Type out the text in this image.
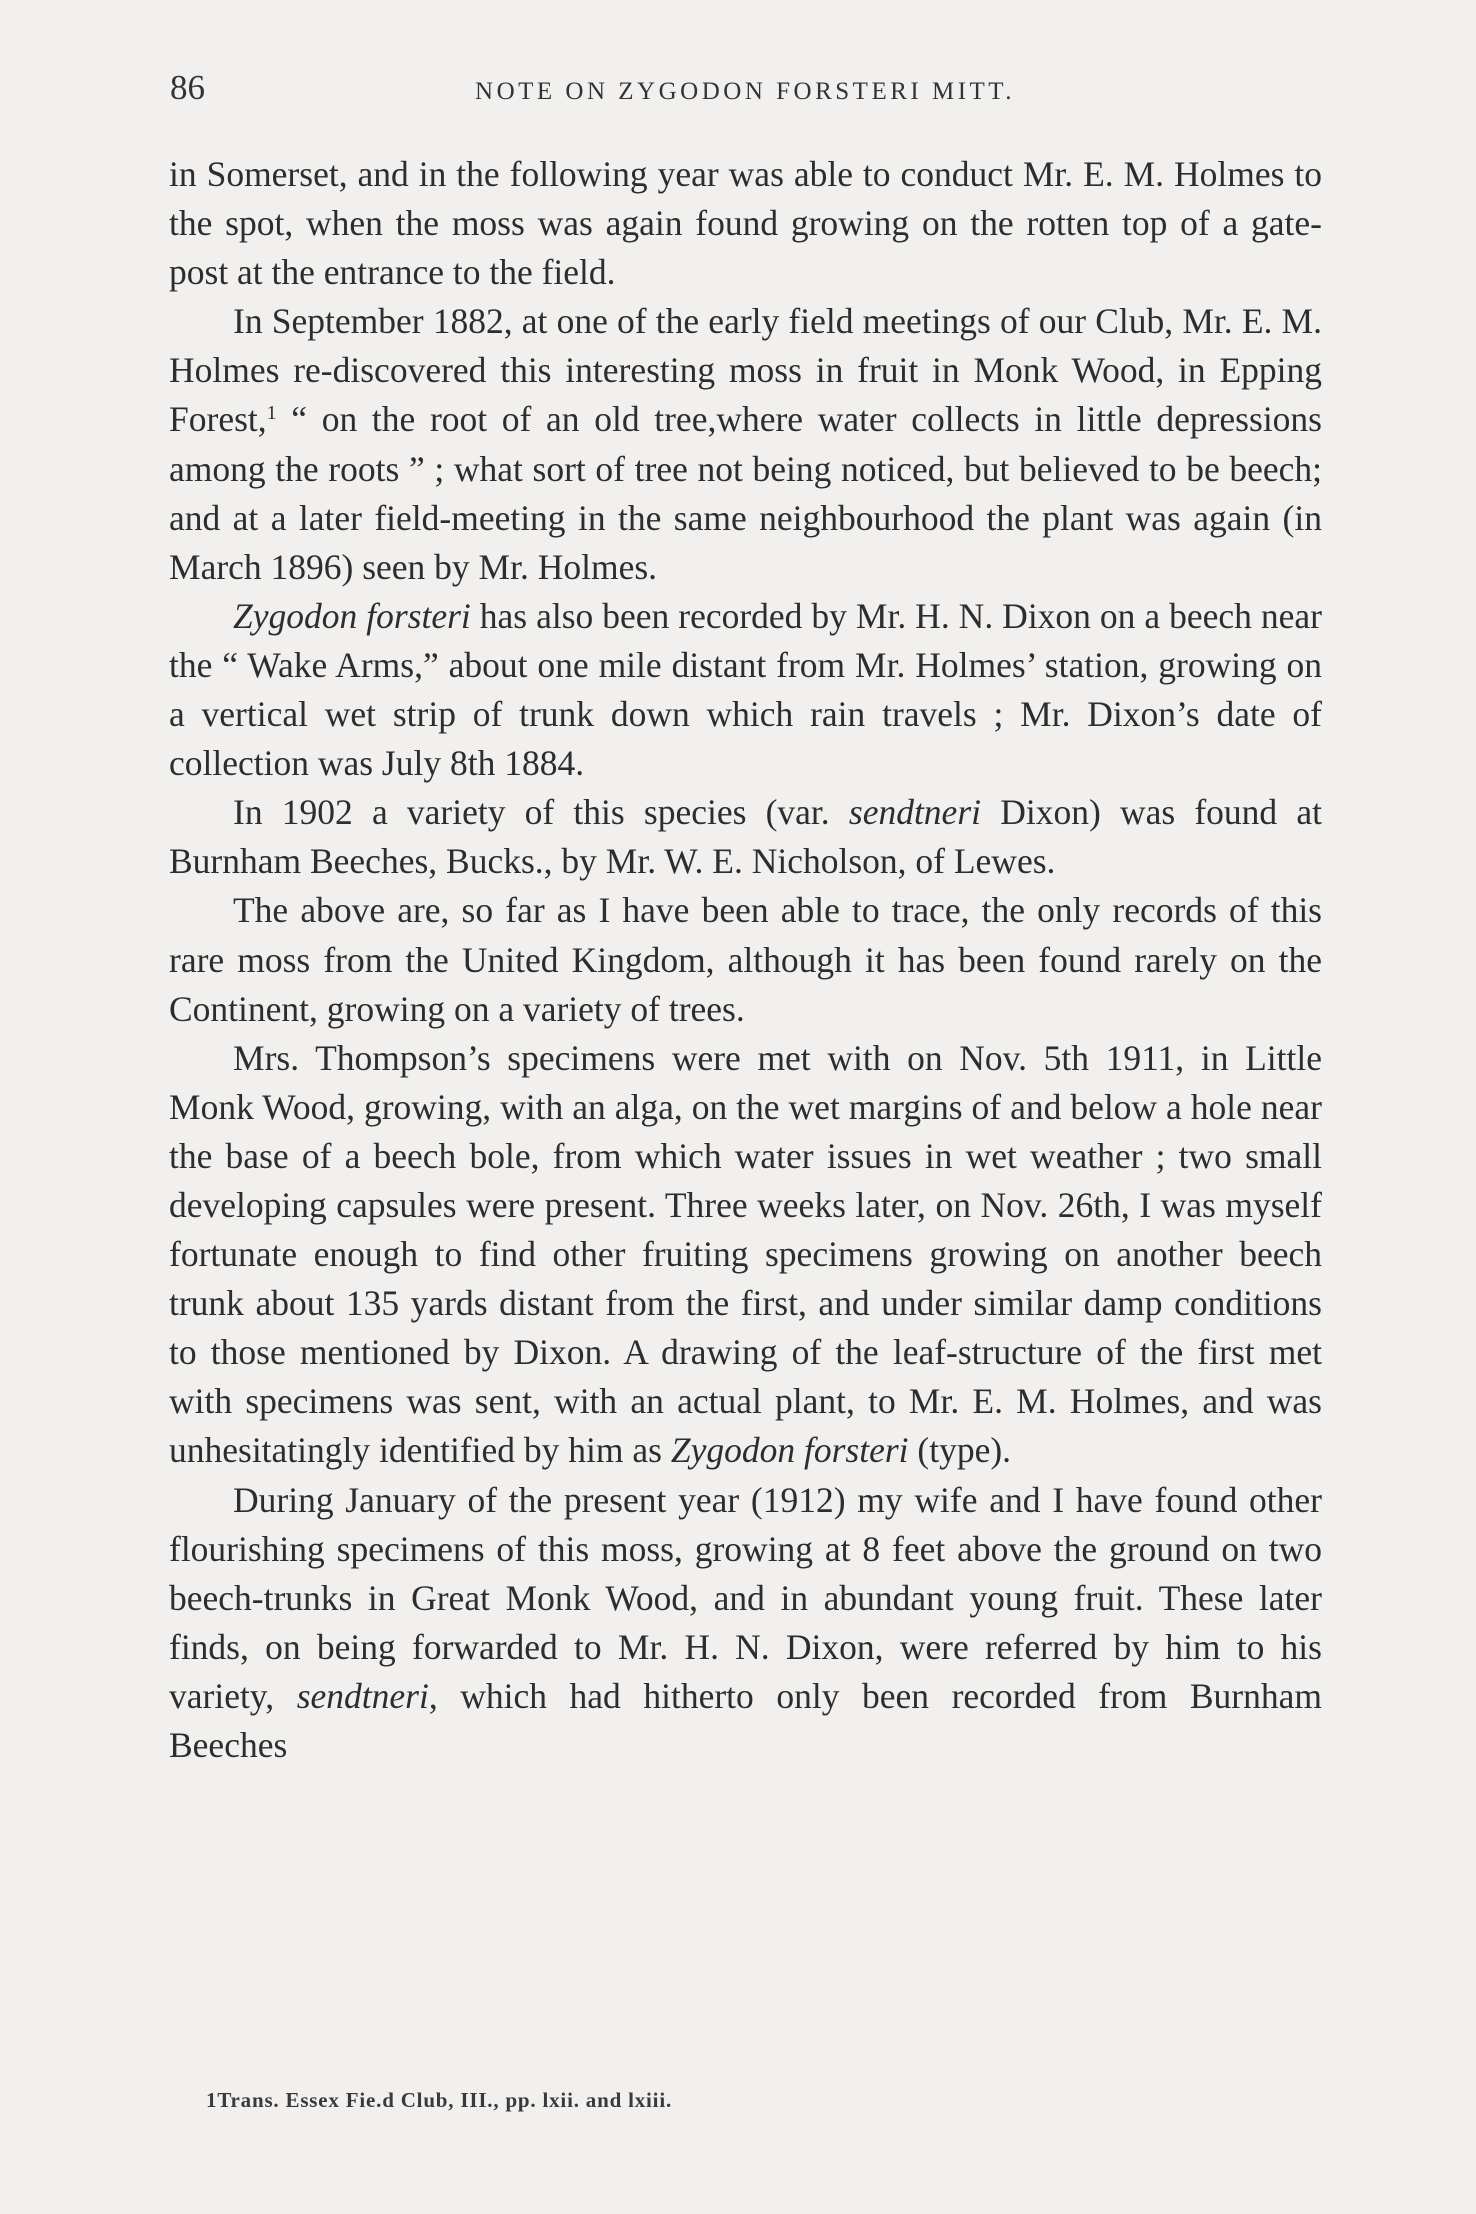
86	NOTE ON ZYGODON FORSTERI MITT.

in Somerset, and in the following year was able to conduct Mr. E. M. Holmes to the spot, when the moss was again found growing on the rotten top of a gate-post at the entrance to the field.

In September 1882, at one of the early field meetings of our Club, Mr. E. M. Holmes re-discovered this interesting moss in fruit in Monk Wood, in Epping Forest,$^1$ “ on the root of an old tree,where water collects in little depressions among the roots ” ; what sort of tree not being noticed, but believed to be beech; and at a later field-meeting in the same neighbourhood the plant was again (in March 1896) seen by Mr. Holmes.

Zygodon forsteri has also been recorded by Mr. H. N. Dixon on a beech near the “ Wake Arms,” about one mile distant from Mr. Holmes’ station, growing on a vertical wet strip of trunk down which rain travels ; Mr. Dixon’s date of collection was July 8th 1884.

In 1902 a variety of this species (var. sendtneri Dixon) was found at Burnham Beeches, Bucks., by Mr. W. E. Nicholson, of Lewes.

The above are, so far as I have been able to trace, the only records of this rare moss from the United Kingdom, although it has been found rarely on the Continent, growing on a variety of trees.

Mrs. Thompson’s specimens were met with on Nov. 5th 1911, in Little Monk Wood, growing, with an alga, on the wet margins of and below a hole near the base of a beech bole, from which water issues in wet weather ; two small developing capsules were present. Three weeks later, on Nov. 26th, I was myself fortunate enough to find other fruiting specimens growing on another beech trunk about 135 yards distant from the first, and under similar damp conditions to those mentioned by Dixon. A drawing of the leaf-structure of the first met with specimens was sent, with an actual plant, to Mr. E. M. Holmes, and was unhesitatingly identified by him as Zygodon forsteri (type).

During January of the present year (1912) my wife and I have found other flourishing specimens of this moss, growing at 8 feet above the ground on two beech-trunks in Great Monk Wood, and in abundant young fruit. These later finds, on being forwarded to Mr. H. N. Dixon, were referred by him to his variety, sendtneri, which had hitherto only been recorded from Burnham Beeches

1Trans. Essex Fie.d Club, III., pp. lxii. and lxiii.
